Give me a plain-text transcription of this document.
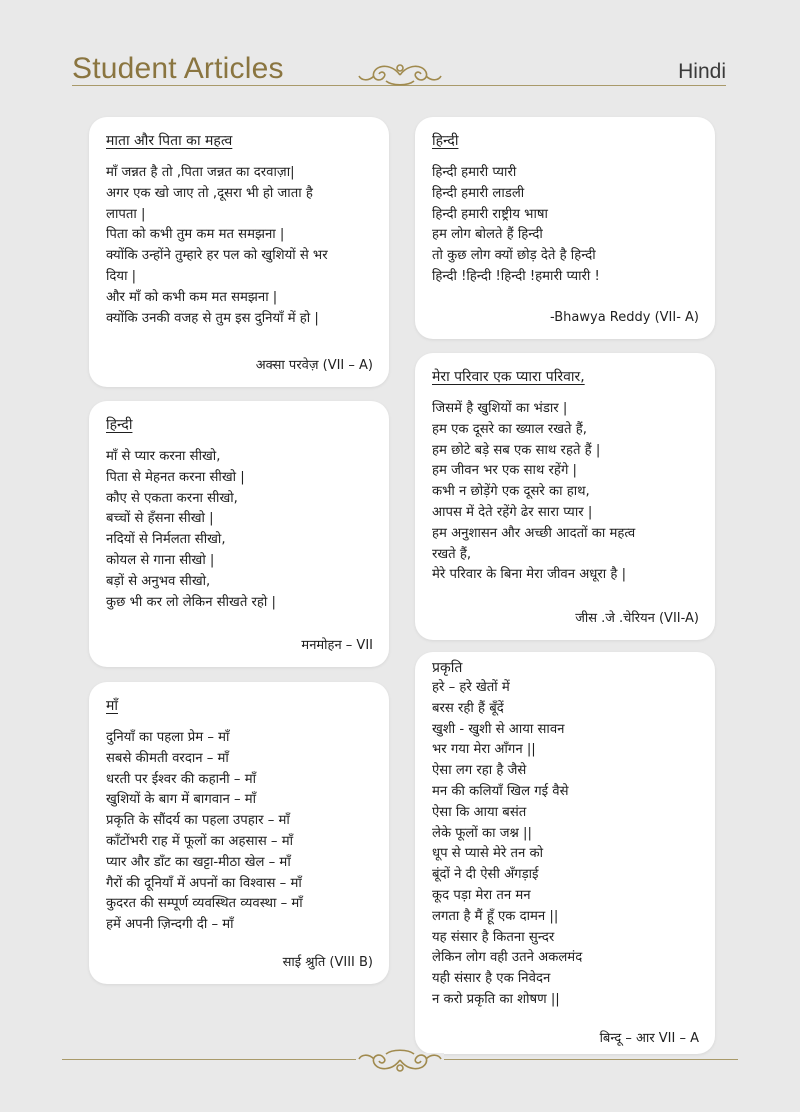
Student Articles	Hindi
माता और पिता का महत्व
माँ जन्नत है तो ,पिता जन्नत का दरवाज़ा|
अगर एक खो जाए तो ,दूसरा भी हो जाता है
लापता |
पिता को कभी तुम कम मत समझना |
क्योंकि उन्होंने तुम्हारे हर पल को खुशियों से भर
दिया |
और माँ को कभी कम मत समझना |
क्योंकि उनकी वजह से तुम इस दुनियाँ में हो |
अक्सा परवेज़ (VII – A)
हिन्दी
माँ से प्यार करना सीखो,
पिता से मेहनत करना सीखो |
कौए से एकता करना सीखो,
बच्चों से हँसना सीखो |
नदियों से निर्मलता सीखो,
कोयल से गाना सीखो |
बड़ों से अनुभव सीखो,
कुछ भी कर लो लेकिन सीखते रहो |
मनमोहन – VII
माँ
दुनियाँ का पहला प्रेम – माँ
सबसे कीमती वरदान – माँ
धरती पर ईश्वर की कहानी – माँ
खुशियों के बाग में बागवान – माँ
प्रकृति के सौंदर्य का पहला उपहार – माँ
काँटोंभरी राह में फूलों का अहसास – माँ
प्यार और डाँट का खट्टा-मीठा खेल – माँ
गैरों की दूनियाँ में अपनों का विश्वास – माँ
कुदरत की सम्पूर्ण व्यवस्थित व्यवस्था – माँ
हमें अपनी ज़िन्दगी दी – माँ
साई श्रुति (VIII B)
हिन्दी
हिन्दी हमारी प्यारी
हिन्दी हमारी लाडली
हिन्दी हमारी राष्ट्रीय भाषा
हम लोग बोलते हैं हिन्दी
तो कुछ लोग क्यों छोड़ देते है हिन्दी
हिन्दी !हिन्दी !हिन्दी !हमारी प्यारी !
-Bhawya Reddy (VII- A)
मेरा परिवार एक प्यारा परिवार,
जिसमें है खुशियों का भंडार |
हम एक दूसरे का ख्याल रखते हैं,
हम छोटे बड़े सब एक साथ रहते हैं |
हम जीवन भर एक साथ रहेंगे |
कभी न छोड़ेंगे एक दूसरे का हाथ,
आपस में देते रहेंगे ढेर सारा प्यार |
हम अनुशासन और अच्छी आदतों का महत्व
रखते हैं,
मेरे परिवार के बिना मेरा जीवन अधूरा है |
जीस .जे .चेरियन (VII-A)
प्रकृति
हरे – हरे खेतों में
बरस रही हैं बूँदें
खुशी - खुशी से आया सावन
भर गया मेरा आँगन ||
ऐसा लग रहा है जैसे
मन की कलियाँ खिल गई वैसे
ऐसा कि आया बसंत
लेके फूलों का जश्न ||
धूप से प्यासे मेरे तन को
बूंदों ने दी ऐसी अँगड़ाई
कूद पड़ा मेरा तन मन
लगता है मैं हूँ एक दामन ||
यह संसार है कितना सुन्दर
लेकिन लोग वही उतने अकलमंद
यही संसार है एक निवेदन
न करो प्रकृति का शोषण ||
बिन्दू – आर VII – A
